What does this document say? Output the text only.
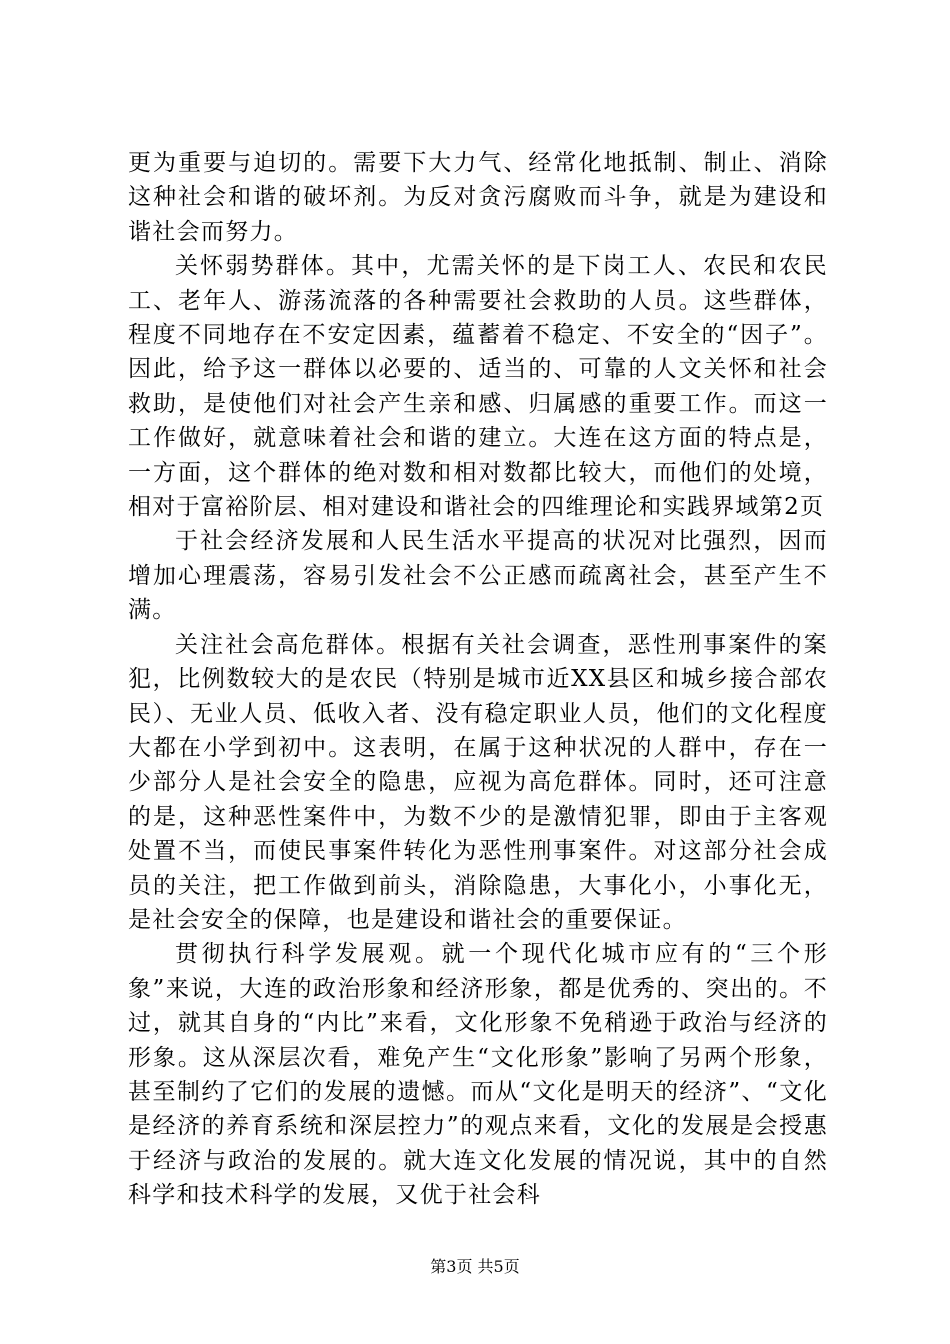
更为重要与迫切的。需要下大力气、经常化地抵制、制止、消除这种社会和谐的破坏剂。为反对贪污腐败而斗争，就是为建设和谐社会而努力。

关怀弱势群体。其中，尤需关怀的是下岗工人、农民和农民工、老年人、游荡流落的各种需要社会救助的人员。这些群体，程度不同地存在不安定因素，蕴蓄着不稳定、不安全的“因子”。因此，给予这一群体以必要的、适当的、可靠的人文关怀和社会救助，是使他们对社会产生亲和感、归属感的重要工作。而这一工作做好，就意味着社会和谐的建立。大连在这方面的特点是，一方面，这个群体的绝对数和相对数都比较大，而他们的处境，相对于富裕阶层、相对建设和谐社会的四维理论和实践界域第2页

于社会经济发展和人民生活水平提高的状况对比强烈，因而增加心理震荡，容易引发社会不公正感而疏离社会，甚至产生不满。

关注社会高危群体。根据有关社会调查，恶性刑事案件的案犯，比例数较大的是农民（特别是城市近XX县区和城乡接合部农民）、无业人员、低收入者、没有稳定职业人员，他们的文化程度大都在小学到初中。这表明，在属于这种状况的人群中，存在一少部分人是社会安全的隐患，应视为高危群体。同时，还可注意的是，这种恶性案件中，为数不少的是激情犯罪，即由于主客观处置不当，而使民事案件转化为恶性刑事案件。对这部分社会成员的关注，把工作做到前头，消除隐患，大事化小，小事化无，是社会安全的保障，也是建设和谐社会的重要保证。

贯彻执行科学发展观。就一个现代化城市应有的“三个形象”来说，大连的政治形象和经济形象，都是优秀的、突出的。不过，就其自身的“内比”来看，文化形象不免稍逊于政治与经济的形象。这从深层次看，难免产生“文化形象”影响了另两个形象，甚至制约了它们的发展的遗憾。而从“文化是明天的经济”、“文化是经济的养育系统和深层控力”的观点来看，文化的发展是会授惠于经济与政治的发展的。就大连文化发展的情况说，其中的自然科学和技术科学的发展，又优于社会科

第3页 共5页
